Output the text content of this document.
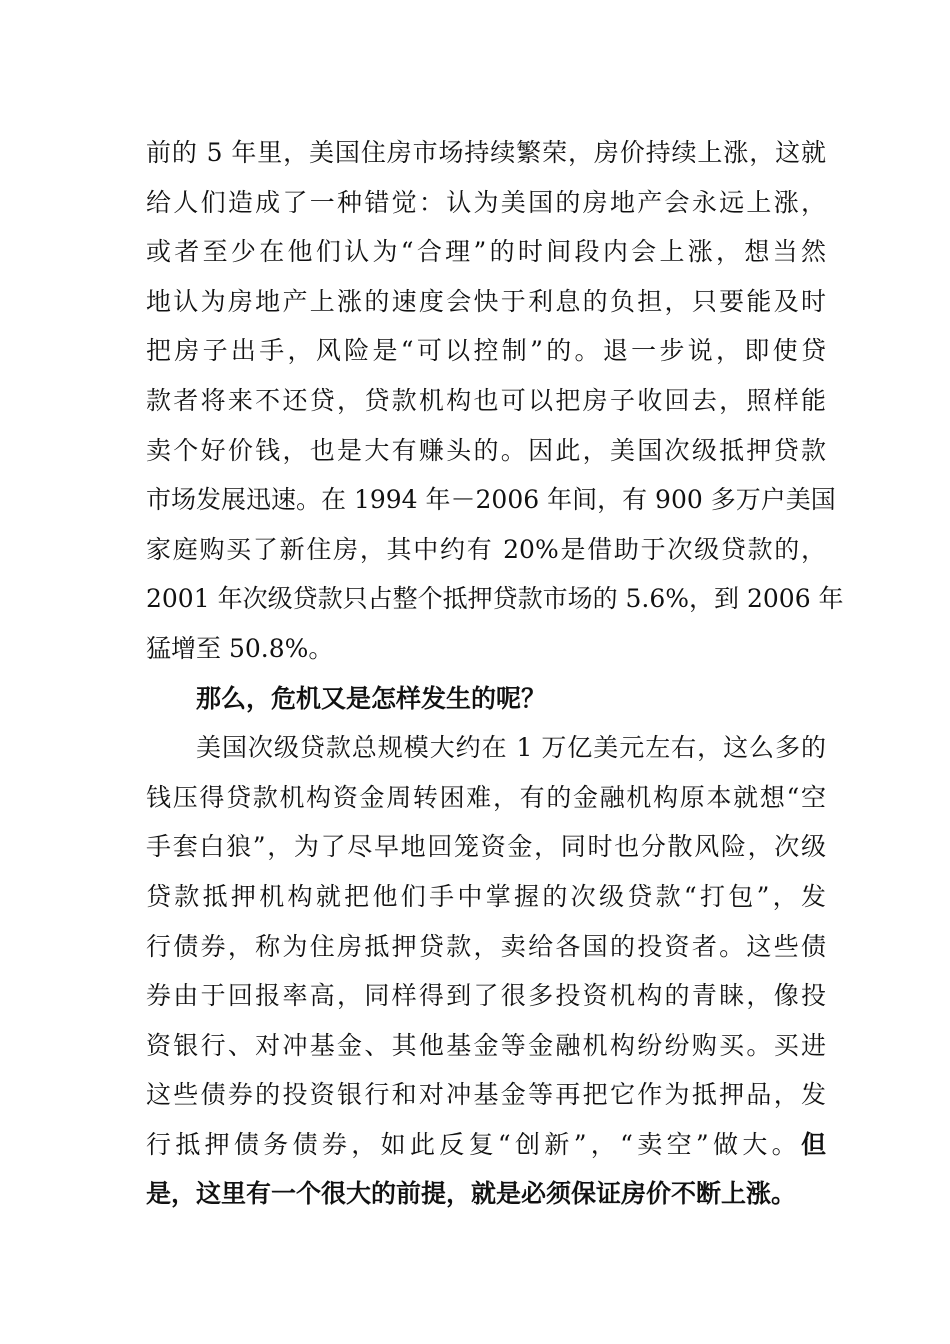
前的 5 年里，美国住房市场持续繁荣，房价持续上涨，这就
给人们造成了一种错觉：认为美国的房地产会永远上涨，
或者至少在他们认为“合理”的时间段内会上涨，想当然
地认为房地产上涨的速度会快于利息的负担，只要能及时
把房子出手，风险是“可以控制”的。退一步说，即使贷
款者将来不还贷，贷款机构也可以把房子收回去，照样能
卖个好价钱，也是大有赚头的。因此，美国次级抵押贷款
市场发展迅速。在 1994 年－2006 年间，有 900 多万户美国
家庭购买了新住房，其中约有 20%是借助于次级贷款的，
2001 年次级贷款只占整个抵押贷款市场的 5.6%，到 2006 年
猛增至 50.8%。
那么，危机又是怎样发生的呢？
美国次级贷款总规模大约在 1 万亿美元左右，这么多的
钱压得贷款机构资金周转困难，有的金融机构原本就想“空
手套白狼”，为了尽早地回笼资金，同时也分散风险，次级
贷款抵押机构就把他们手中掌握的次级贷款“打包”，发
行债券，称为住房抵押贷款，卖给各国的投资者。这些债
券由于回报率高，同样得到了很多投资机构的青睐，像投
资银行、对冲基金、其他基金等金融机构纷纷购买。买进
这些债券的投资银行和对冲基金等再把它作为抵押品，发
行抵押债务债券，如此反复“创新”，“卖空”做大。但
是，这里有一个很大的前提，就是必须保证房价不断上涨。
